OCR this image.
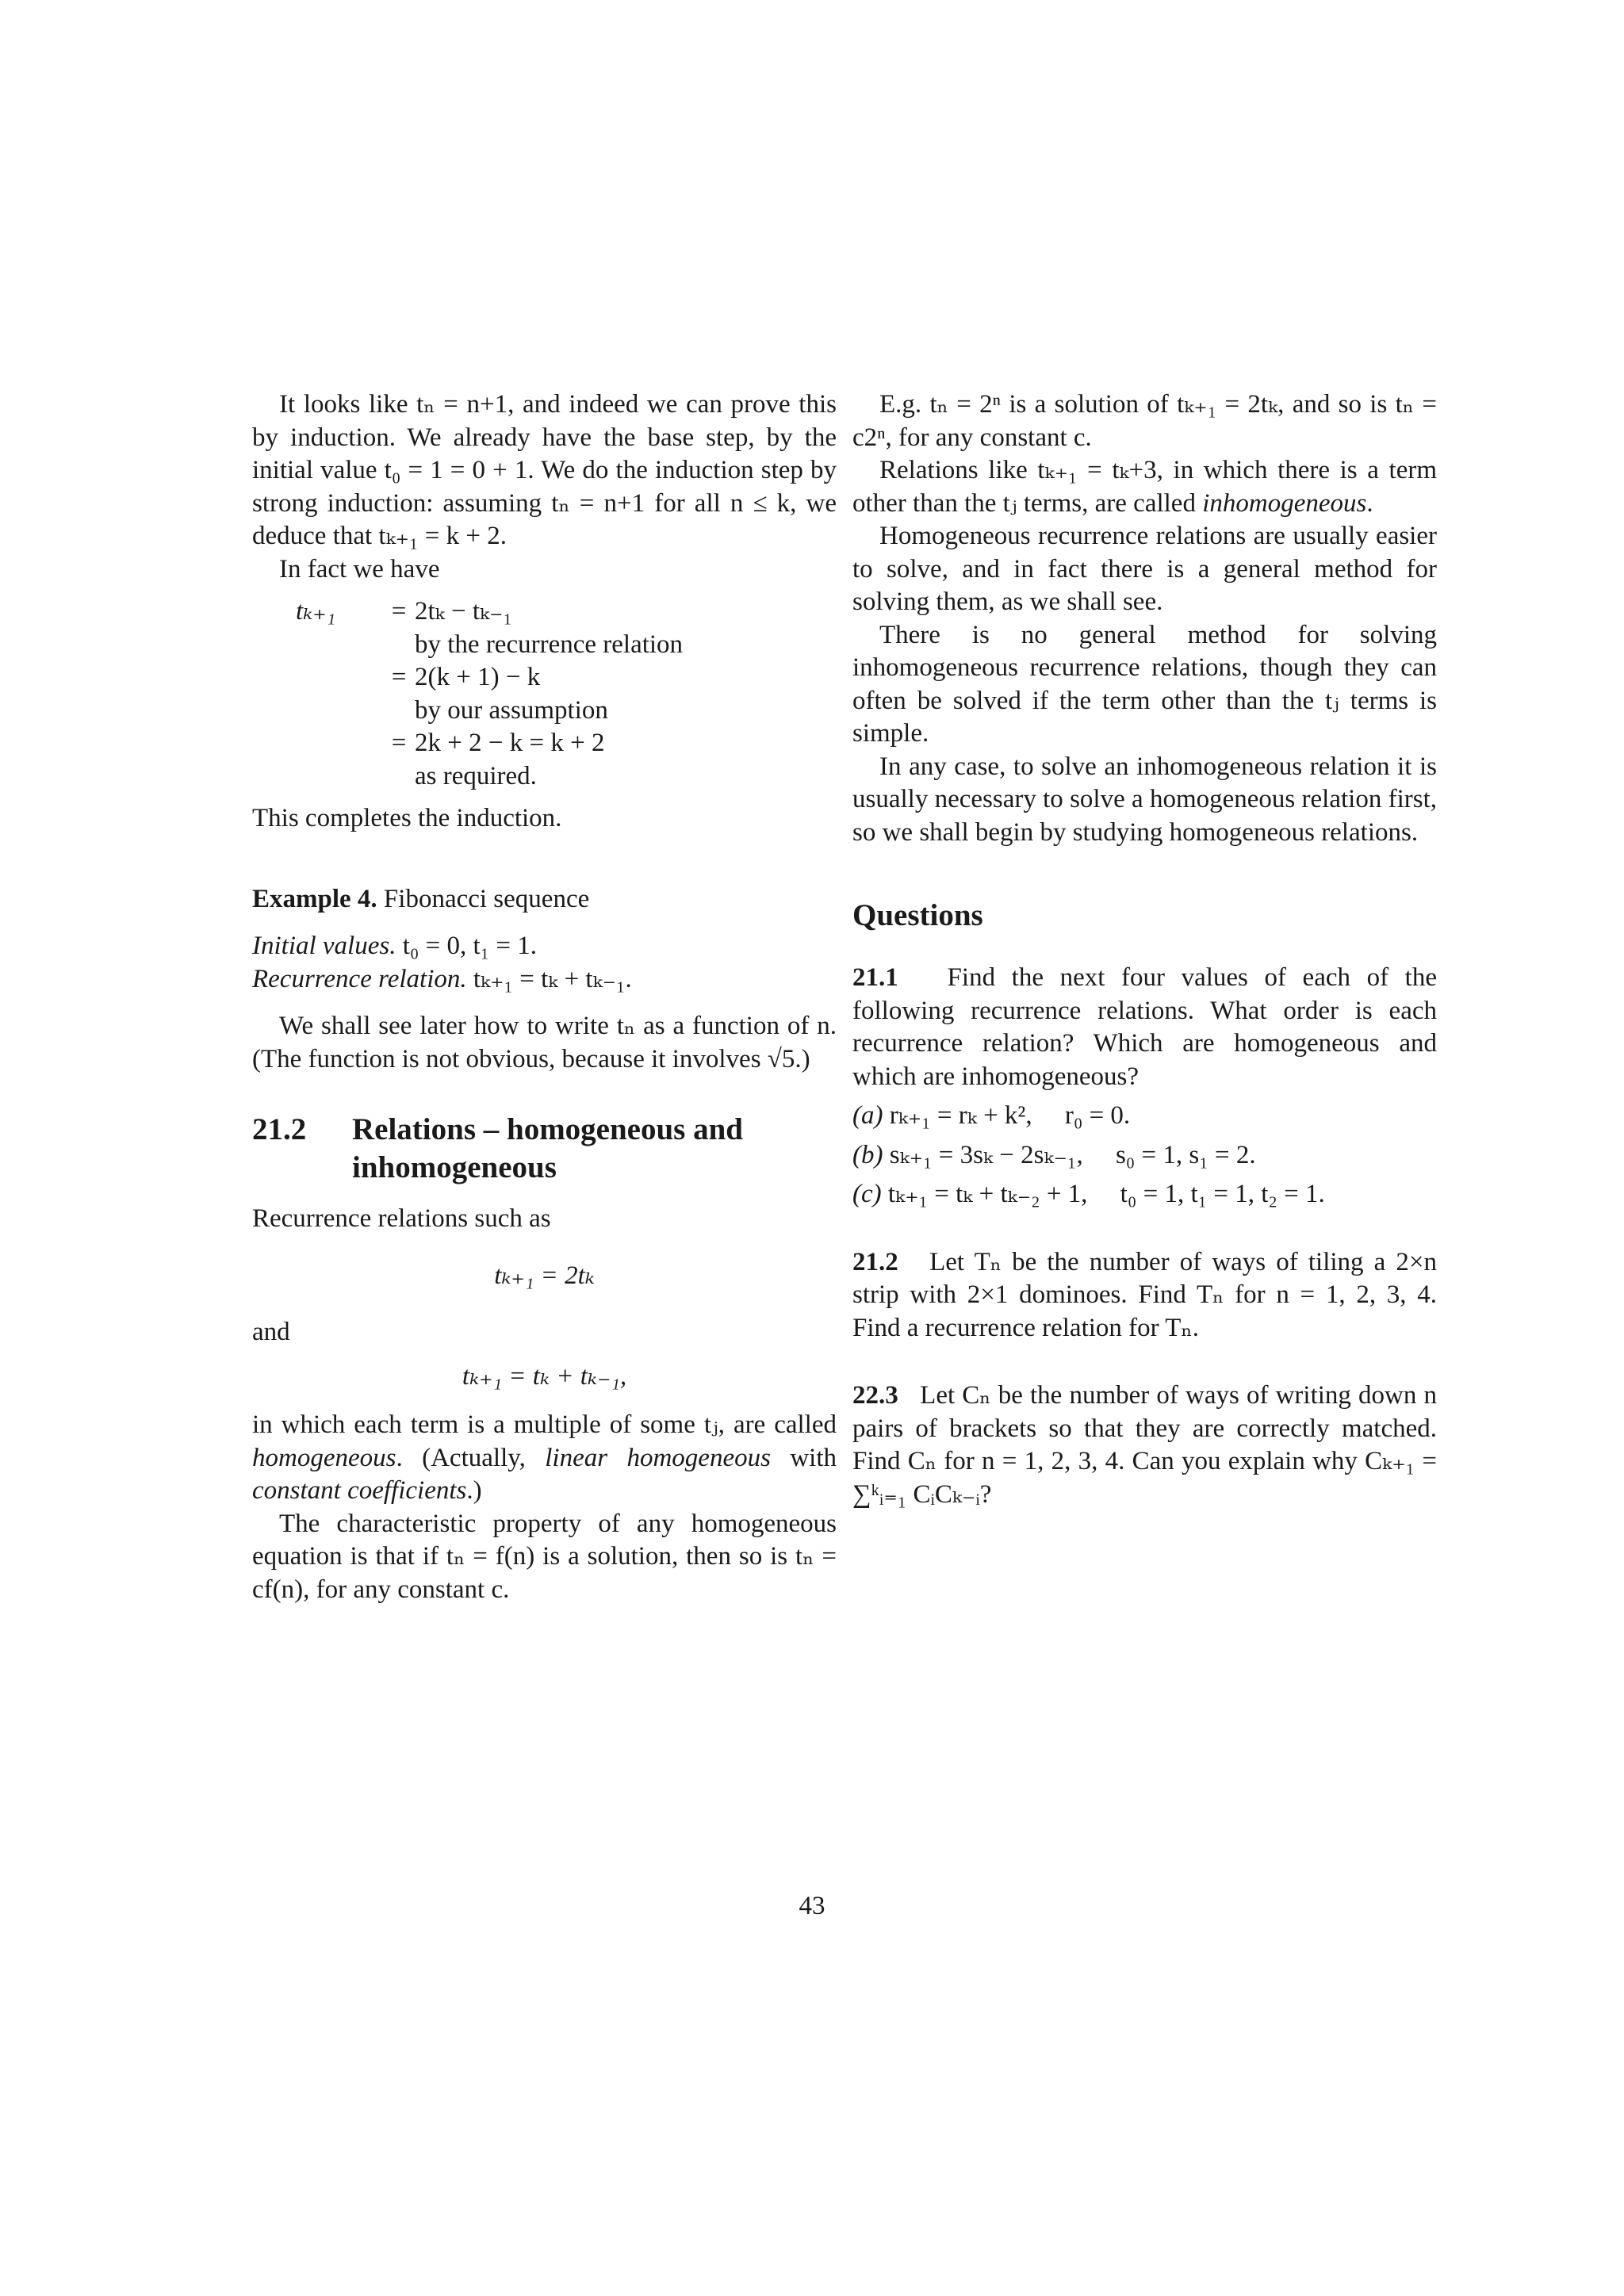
It looks like tₙ = n+1, and indeed we can prove this by induction. We already have the base step, by the initial value t₀ = 1 = 0 + 1. We do the induction step by strong induction: assuming tₙ = n+1 for all n ≤ k, we deduce that tₖ₊₁ = k + 2.

In fact we have

tₖ₊₁	= 2tₖ − tₖ₋₁
by the recurrence relation
= 2(k + 1) − k
by our assumption
= 2k + 2 − k = k + 2
as required.

This completes the induction.

Example 4. Fibonacci sequence

Initial values. t₀ = 0, t₁ = 1.

Recurrence relation. tₖ₊₁ = tₖ + tₖ₋₁.

We shall see later how to write tₙ as a function of n. (The function is not obvious, because it involves √5.)

21.2	Relations – homogeneous and inhomogeneous

Recurrence relations such as

tₖ₊₁ = 2tₖ

and

tₖ₊₁ = tₖ + tₖ₋₁,

in which each term is a multiple of some tⱼ, are called homogeneous. (Actually, linear homogeneous with constant coefficients.)

The characteristic property of any homogeneous equation is that if tₙ = f(n) is a solution, then so is tₙ = cf(n), for any constant c.

E.g. tₙ = 2ⁿ is a solution of tₖ₊₁ = 2tₖ, and so is tₙ = c2ⁿ, for any constant c.

Relations like tₖ₊₁ = tₖ+3, in which there is a term other than the tⱼ terms, are called inhomogeneous.

Homogeneous recurrence relations are usually easier to solve, and in fact there is a general method for solving them, as we shall see.

There is no general method for solving inhomogeneous recurrence relations, though they can often be solved if the term other than the tⱼ terms is simple.

In any case, to solve an inhomogeneous relation it is usually necessary to solve a homogeneous relation first, so we shall begin by studying homogeneous relations.

Questions

21.1 Find the next four values of each of the following recurrence relations. What order is each recurrence relation? Which are homogeneous and which are inhomogeneous?

(a) rₖ₊₁ = rₖ + k²,     r₀ = 0.

(b) sₖ₊₁ = 3sₖ − 2sₖ₋₁,     s₀ = 1, s₁ = 2.

(c) tₖ₊₁ = tₖ + tₖ₋₂ + 1,     t₀ = 1, t₁ = 1, t₂ = 1.

21.2 Let Tₙ be the number of ways of tiling a 2×n strip with 2×1 dominoes. Find Tₙ for n = 1, 2, 3, 4. Find a recurrence relation for Tₙ.

22.3 Let Cₙ be the number of ways of writing down n pairs of brackets so that they are correctly matched. Find Cₙ for n = 1, 2, 3, 4. Can you explain why Cₖ₊₁ = ∑ᵏᵢ₌₁ CᵢCₖ₋ᵢ?

43
